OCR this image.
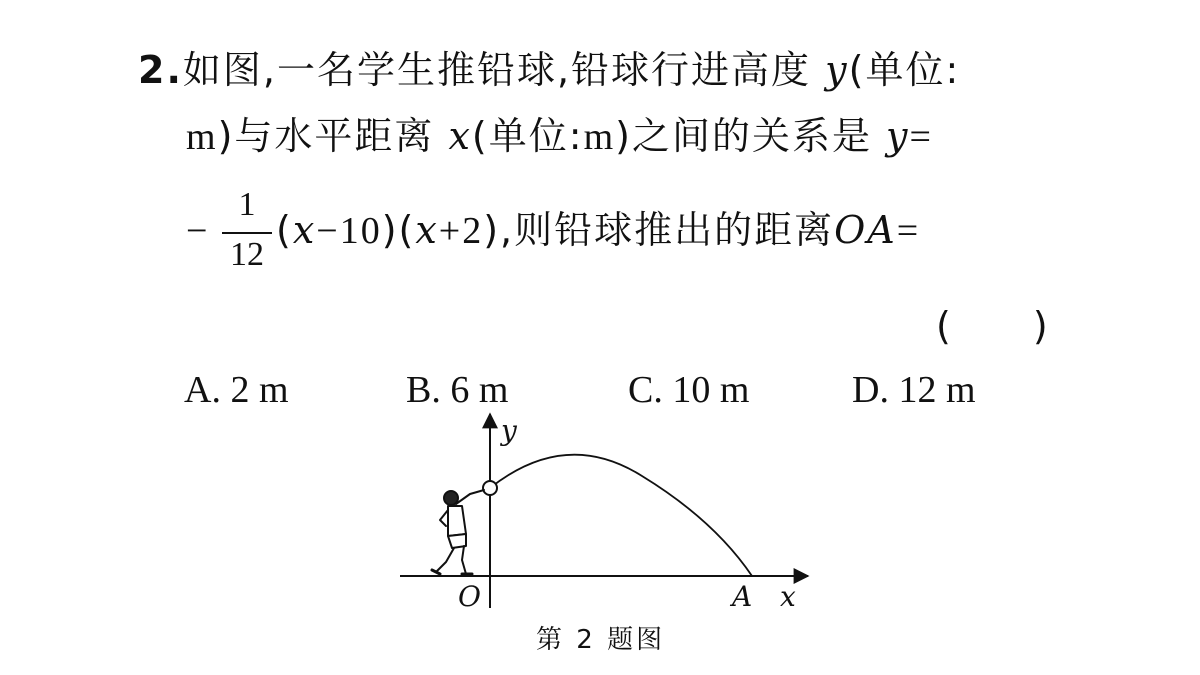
2.如图,一名学生推铅球,铅球行进高度 y(单位:
m)与水平距离 x(单位:m)之间的关系是 y=
−
1
12
(x−10)(x+2),则铅球推出的距离OA=
(　　)
A. 2 m	B. 6 m	C. 10 m	D. 12 m
y
x
O	A
第 2 题图
